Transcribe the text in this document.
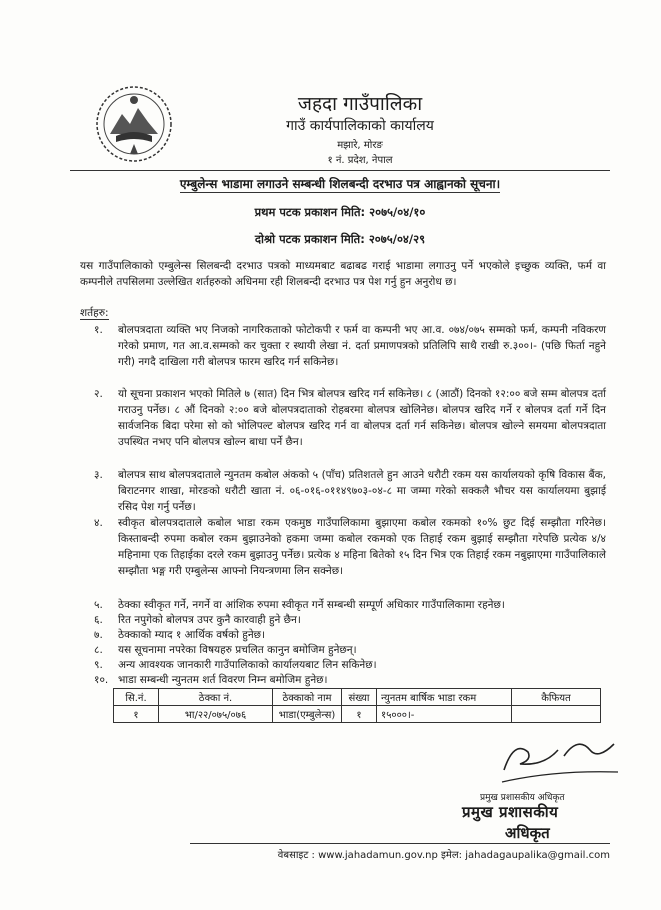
जहदा गाउँपालिका
गाउँ कार्यपालिकाको कार्यालय
मझारे, मोरङ
१ नं. प्रदेश, नेपाल
एम्बुलेन्स भाडामा लगाउने सम्बन्धी शिलबन्दी दरभाउ पत्र आह्वानको सूचना।
प्रथम पटक प्रकाशन मिति: २०७५/०४/१०
दोश्रो पटक प्रकाशन मिति: २०७५/०४/२९
यस गाउँपालिकाको एम्बुलेन्स सिलबन्दी दरभाउ पत्रको माध्यमबाट बढाबढ गराई भाडामा लगाउनु पर्ने भएकोले इच्छुक व्यक्ति, फर्म वा कम्पनीले तपसिलमा उल्लेखित शर्तहरुको अधिनमा रही शिलबन्दी दरभाउ पत्र पेश गर्नु हुन अनुरोध छ।
शर्तहरु:
१. बोलपत्रदाता व्यक्ति भए निजको नागरिकताको फोटोकपी र फर्म वा कम्पनी भए आ.व. ०७४/०७५ सम्मको फर्म, कम्पनी नविकरण गरेको प्रमाण, गत आ.व.सम्मको कर चुक्ता र स्थायी लेखा नं. दर्ता प्रमाणपत्रको प्रतिलिपि साथै राखी रु.३००।- (पछि फिर्ता नहुने गरी) नगदै दाखिला गरी बोलपत्र फारम खरिद गर्न सकिनेछ।
२. यो सूचना प्रकाशन भएको मितिले ७ (सात) दिन भित्र बोलपत्र खरिद गर्न सकिनेछ। ८ (आठौं) दिनको १२:०० बजे सम्म बोलपत्र दर्ता गराउनु पर्नेछ। ८ औं दिनको २:०० बजे बोलपत्रदाताको रोहबरमा बोलपत्र खोलिनेछ। बोलपत्र खरिद गर्ने र बोलपत्र दर्ता गर्ने दिन सार्वजनिक बिदा परेमा सो को भोलिपल्ट बोलपत्र खरिद गर्न वा बोलपत्र दर्ता गर्न सकिनेछ। बोलपत्र खोल्ने समयमा बोलपत्रदाता उपस्थित नभए पनि बोलपत्र खोल्न बाधा पर्ने छैन।
३. बोलपत्र साथ बोलपत्रदाताले न्युनतम कबोल अंकको ५ (पाँच) प्रतिशतले हुन आउने धरौटी रकम यस कार्यालयको कृषि विकास बैंक, बिराटनगर शाखा, मोरङको धरौटी खाता नं. ०६-०१६-०११४९७०३-०४-८ मा जम्मा गरेको सक्कलै भौचर यस कार्यालयमा बुझाई रसिद पेश गर्नु पर्नेछ।
४. स्वीकृत बोलपत्रदाताले कबोल भाडा रकम एकमुष्ठ गाउँपालिकामा बुझाएमा कबोल रकमको १०% छुट दिई सम्झौता गरिनेछ। किस्ताबन्दी रुपमा कबोल रकम बुझाउनेको हकमा जम्मा कबोल रकमको एक तिहाई रकम बुझाई सम्झौता गरेपछि प्रत्येक ४/४ महिनामा एक तिहाईका दरले रकम बुझाउनु पर्नेछ। प्रत्येक ४ महिना बितेको १५ दिन भित्र एक तिहाई रकम नबुझाएमा गाउँपालिकाले सम्झौता भङ्ग गरी एम्बुलेन्स आफ्नो नियन्त्रणमा लिन सक्नेछ।
५. ठेक्का स्वीकृत गर्ने, नगर्ने वा आंशिक रुपमा स्वीकृत गर्ने सम्बन्धी सम्पूर्ण अधिकार गाउँपालिकामा रहनेछ।
६. रित नपुगेको बोलपत्र उपर कुनै कारवाही हुने छैन।
७. ठेक्काको म्याद १ आर्थिक वर्षको हुनेछ।
८. यस सूचनामा नपरेका विषयहरु प्रचलित कानुन बमोजिम हुनेछन्।
९. अन्य आवश्यक जानकारी गाउँपालिकाको कार्यालयबाट लिन सकिनेछ।
१०. भाडा सम्बन्धी न्युनतम शर्त विवरण निम्न बमोजिम हुनेछ।
सि.नं.	ठेक्का नं.	ठेक्काको नाम	संख्या	न्युनतम बार्षिक भाडा रकम	कैफियत
१	भा/२२/०७५/०७६	भाडा(एम्बुलेन्स)	१	१५०००।-	
प्रमुख प्रशासकीय अधिकृत
प्रमुख प्रशासकीय
अधिकृत
वेबसाइट : www.jahadamun.gov.np इमेल: jahadagaupalika@gmail.com
